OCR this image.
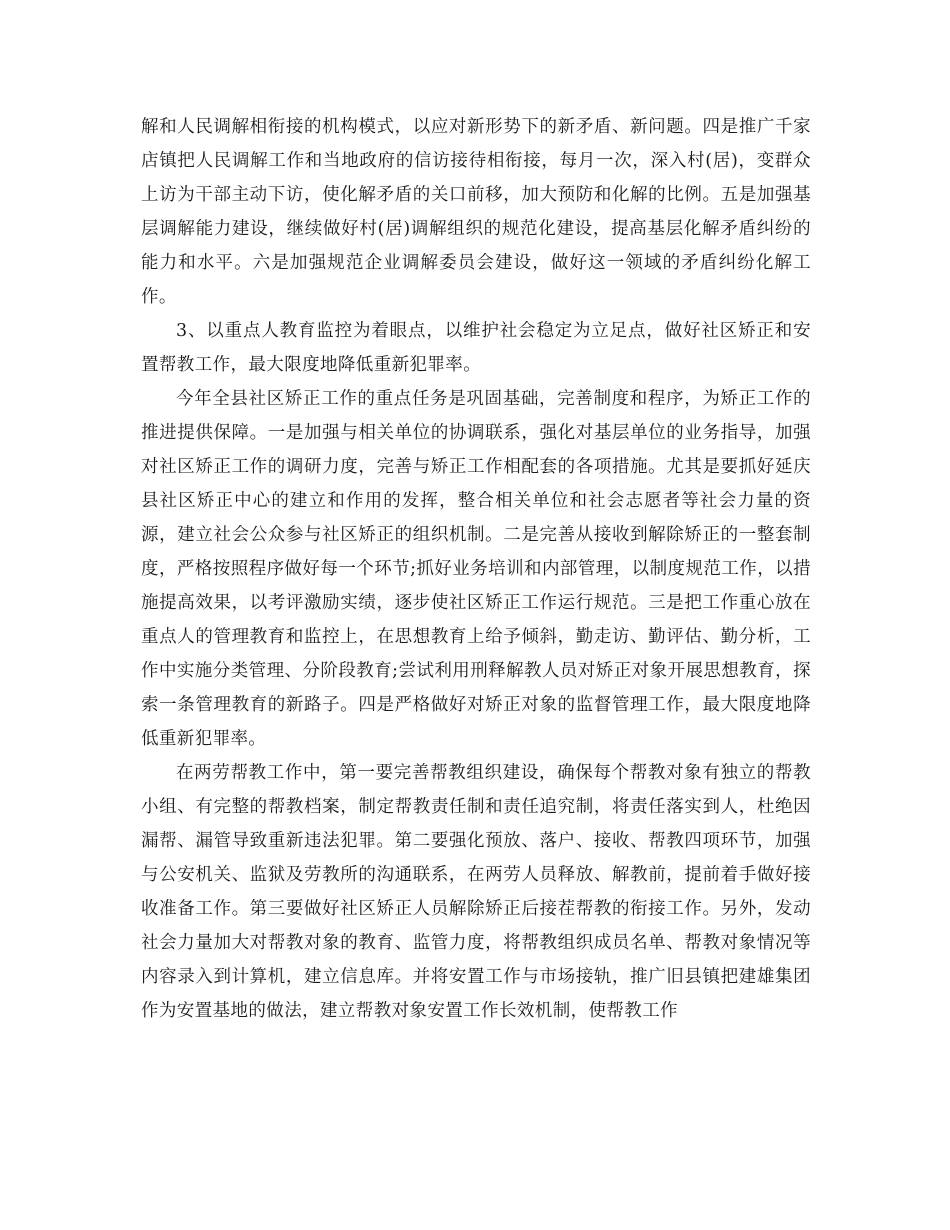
解和人民调解相衔接的机构模式，以应对新形势下的新矛盾、新问题。四是推广千家店镇把人民调解工作和当地政府的信访接待相衔接，每月一次，深入村(居)，变群众上访为干部主动下访，使化解矛盾的关口前移，加大预防和化解的比例。五是加强基层调解能力建设，继续做好村(居)调解组织的规范化建设，提高基层化解矛盾纠纷的能力和水平。六是加强规范企业调解委员会建设，做好这一领域的矛盾纠纷化解工作。

3、以重点人教育监控为着眼点，以维护社会稳定为立足点，做好社区矫正和安置帮教工作，最大限度地降低重新犯罪率。

今年全县社区矫正工作的重点任务是巩固基础，完善制度和程序，为矫正工作的推进提供保障。一是加强与相关单位的协调联系，强化对基层单位的业务指导，加强对社区矫正工作的调研力度，完善与矫正工作相配套的各项措施。尤其是要抓好延庆县社区矫正中心的建立和作用的发挥，整合相关单位和社会志愿者等社会力量的资源，建立社会公众参与社区矫正的组织机制。二是完善从接收到解除矫正的一整套制度，严格按照程序做好每一个环节;抓好业务培训和内部管理，以制度规范工作，以措施提高效果，以考评激励实绩，逐步使社区矫正工作运行规范。三是把工作重心放在重点人的管理教育和监控上，在思想教育上给予倾斜，勤走访、勤评估、勤分析，工作中实施分类管理、分阶段教育;尝试利用刑释解教人员对矫正对象开展思想教育，探索一条管理教育的新路子。四是严格做好对矫正对象的监督管理工作，最大限度地降低重新犯罪率。

在两劳帮教工作中，第一要完善帮教组织建设，确保每个帮教对象有独立的帮教小组、有完整的帮教档案，制定帮教责任制和责任追究制，将责任落实到人，杜绝因漏帮、漏管导致重新违法犯罪。第二要强化预放、落户、接收、帮教四项环节，加强与公安机关、监狱及劳教所的沟通联系，在两劳人员释放、解教前，提前着手做好接收准备工作。第三要做好社区矫正人员解除矫正后接茬帮教的衔接工作。另外，发动社会力量加大对帮教对象的教育、监管力度，将帮教组织成员名单、帮教对象情况等内容录入到计算机，建立信息库。并将安置工作与市场接轨，推广旧县镇把建雄集团作为安置基地的做法，建立帮教对象安置工作长效机制，使帮教工作
